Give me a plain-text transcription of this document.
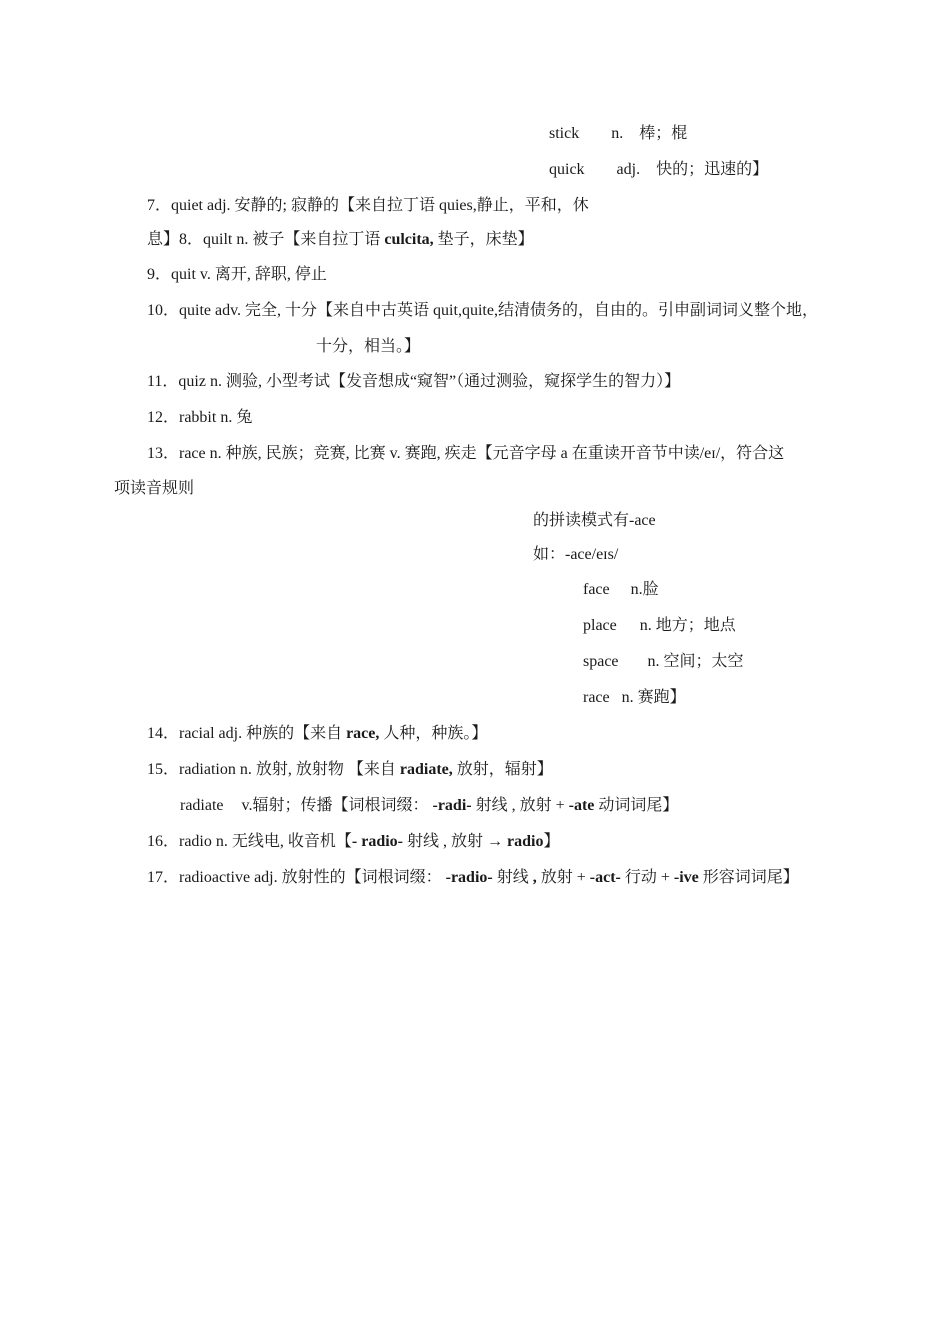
stick n. 棒；棍
quick adj. 快的；迅速的】
7．quiet adj. 安静的; 寂静的【来自拉丁语 quies,静止，平和，休
息】8．quilt n. 被子【来自拉丁语 culcita, 垫子，床垫】
9．quit v. 离开, 辞职, 停止
10．quite adv. 完全, 十分【来自中古英语 quit,quite,结清债务的，自由的。引申副词词义整个地，
十分，相当。】
11．quiz n. 测验, 小型考试【发音想成“窥智”（通过测验，窥探学生的智力）】
12．rabbit n. 兔
13．race n. 种族, 民族；竞赛, 比赛 v. 赛跑, 疾走【元音字母 a 在重读开音节中读/eɪ/，符合这
项读音规则
的拼读模式有-ace
如：-ace/eɪs/
face n.脸
place n. 地方；地点
space n. 空间；太空
race n. 赛跑】
14．racial adj. 种族的【来自 race, 人种，种族。】
15．radiation n. 放射, 放射物 【来自 radiate, 放射，辐射】
radiate v.辐射；传播【词根词缀： -radi- 射线 , 放射 + -ate 动词词尾】
16．radio n. 无线电, 收音机【- radio- 射线 , 放射 → radio】
17．radioactive adj. 放射性的【词根词缀： -radio- 射线 , 放射 + -act- 行动 + -ive 形容词词尾】
